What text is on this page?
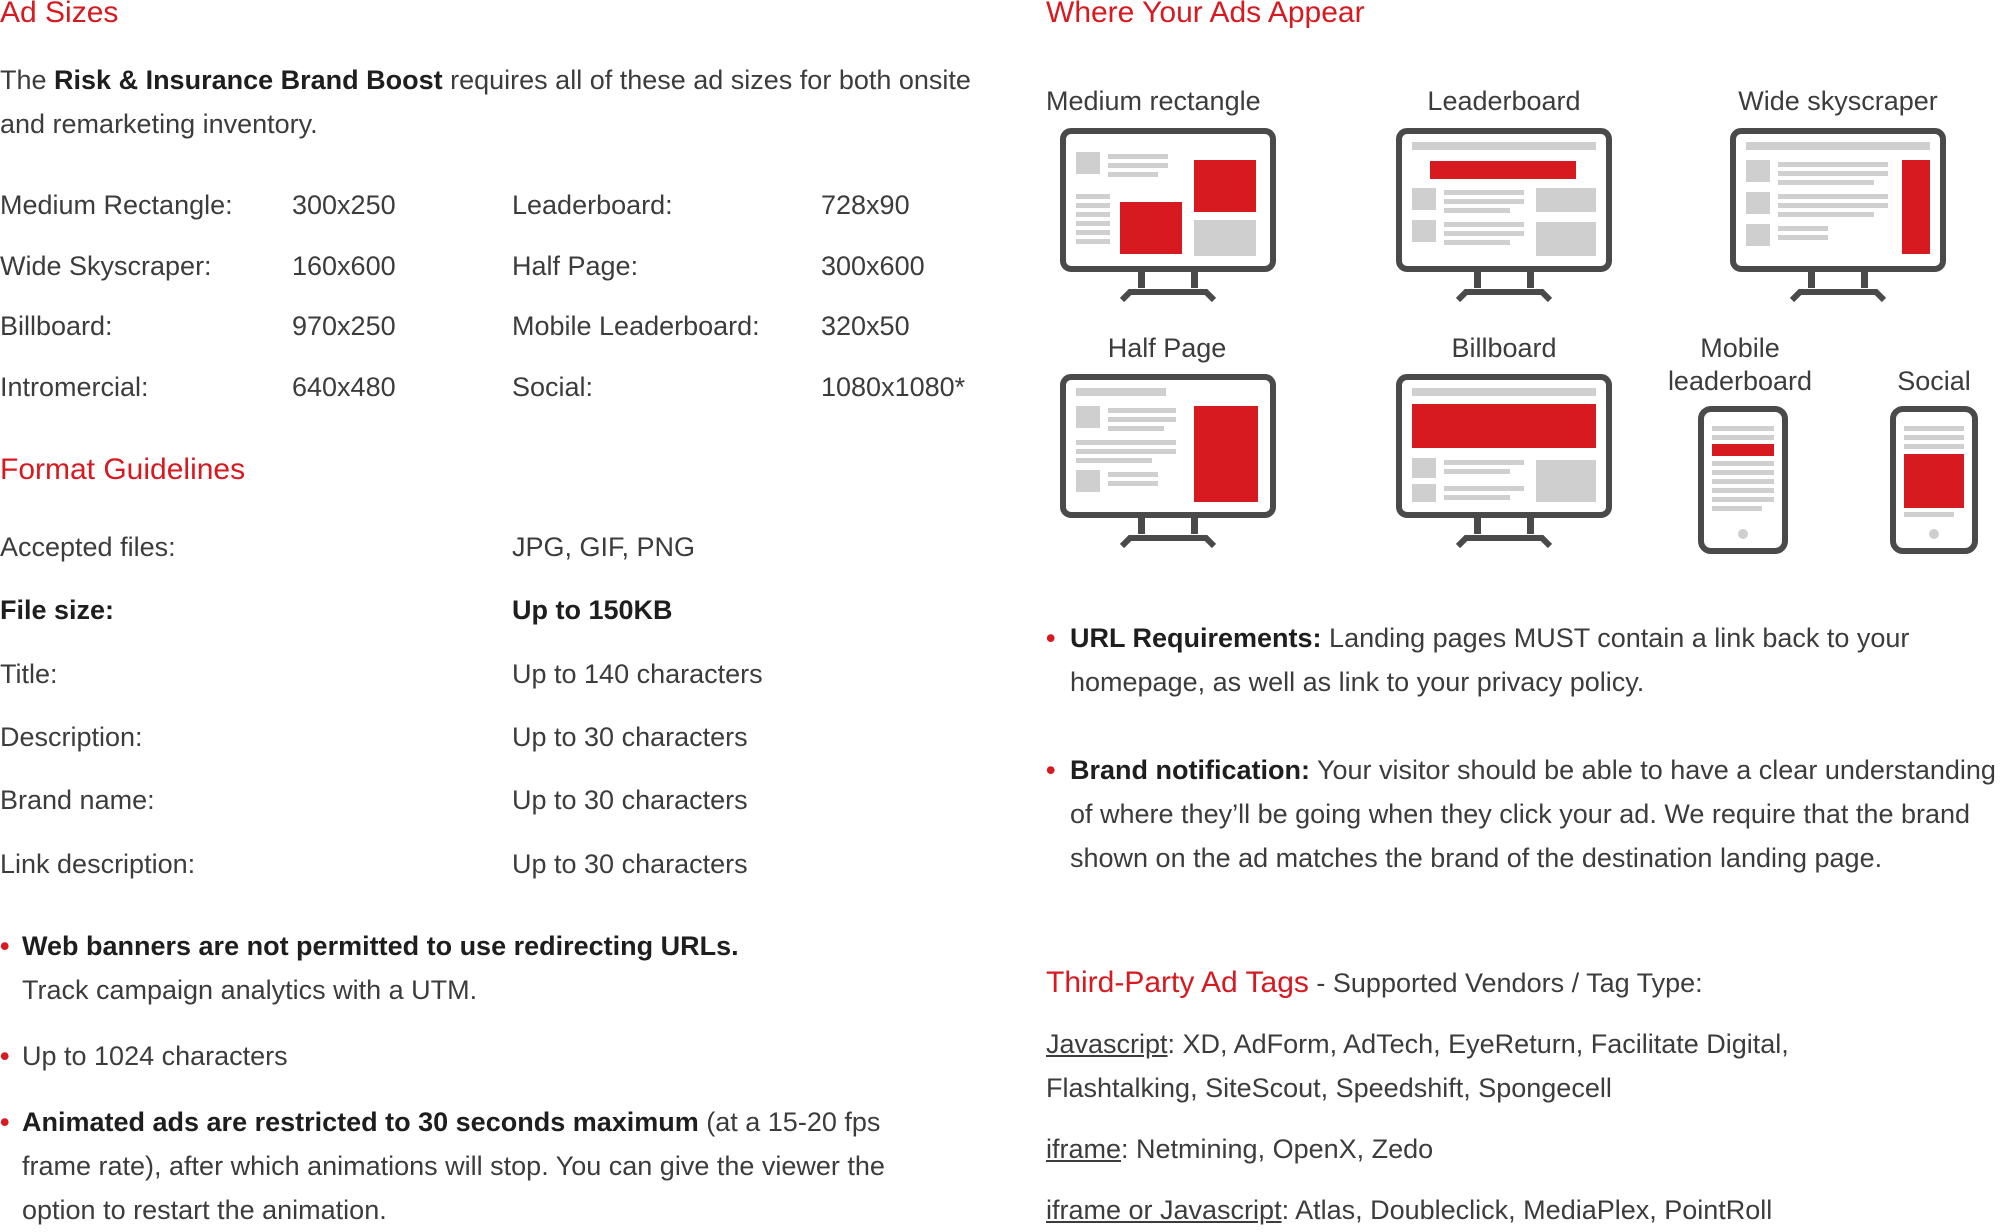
Ad Sizes

The Risk & Insurance Brand Boost requires all of these ad sizes for both onsite and remarketing inventory.

Medium Rectangle: 300x250	Leaderboard:	728x90
Wide Skyscraper:	160x600	Half Page:	300x600
Billboard:	970x250	Mobile Leaderboard: 320x50
Intromercial:	640x480	Social:	1080x1080*
Format Guidelines
Accepted files:	JPG, GIF, PNG
File size:	Up to 150KB
Title:	Up to 140 characters
Description:	Up to 30 characters
Brand name:	Up to 30 characters
Link description:	Up to 30 characters
• Web banners are not permitted to use redirecting URLs.
Track campaign analytics with a UTM.
• Up to 1024 characters
• Animated ads are restricted to 30 seconds maximum (at a 15-20 fps frame rate), after which animations will stop. You can give the viewer the option to restart the animation.
Where Your Ads Appear
Medium rectangle	Leaderboard	Wide skyscraper
Half Page	Billboard	Mobile
leaderboard	Social
• URL Requirements: Landing pages MUST contain a link back to your homepage, as well as link to your privacy policy.
• Brand notification: Your visitor should be able to have a clear understanding of where they’ll be going when they click your ad. We require that the brand shown on the ad matches the brand of the destination landing page.
Third-Party Ad Tags - Supported Vendors / Tag Type:

Javascript: XD, AdForm, AdTech, EyeReturn, Facilitate Digital, Flashtalking, SiteScout, Speedshift, Spongecell

iframe: Netmining, OpenX, Zedo

iframe or Javascript: Atlas, Doubleclick, MediaPlex, PointRoll
